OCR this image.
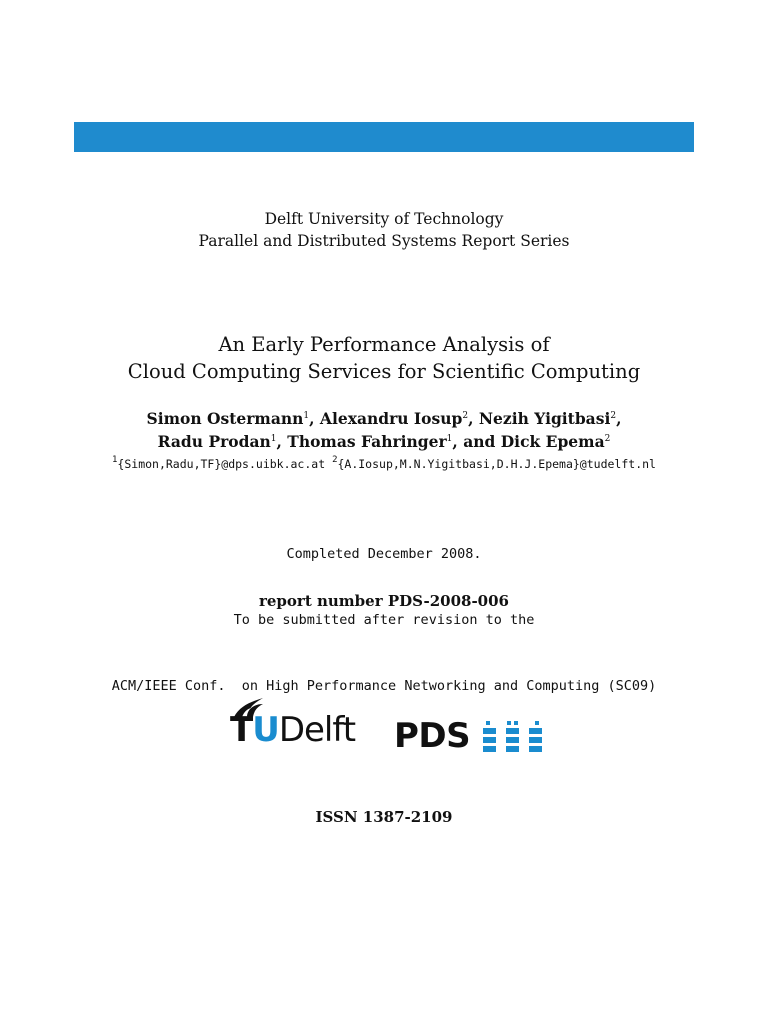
Delft University of Technology
Parallel and Distributed Systems Report Series
An Early Performance Analysis of
Cloud Computing Services for Scientific Computing
Simon Ostermann$^1$, Alexandru Iosup$^2$, Nezih Yigitbasi$^2$,
Radu Prodan$^1$, Thomas Fahringer$^1$, and Dick Epema$^2$
$^1${Simon,Radu,TF}@dps.uibk.ac.at $^2${A.Iosup,M.N.Yigitbasi,D.H.J.Epema}@tudelft.nl

Completed December 2008.

To be submitted after revision to the

ACM/IEEE Conf.  on High Performance Networking and Computing (SC09)

report number PDS-2008-006
TUDelft PDS
ISSN 1387-2109
